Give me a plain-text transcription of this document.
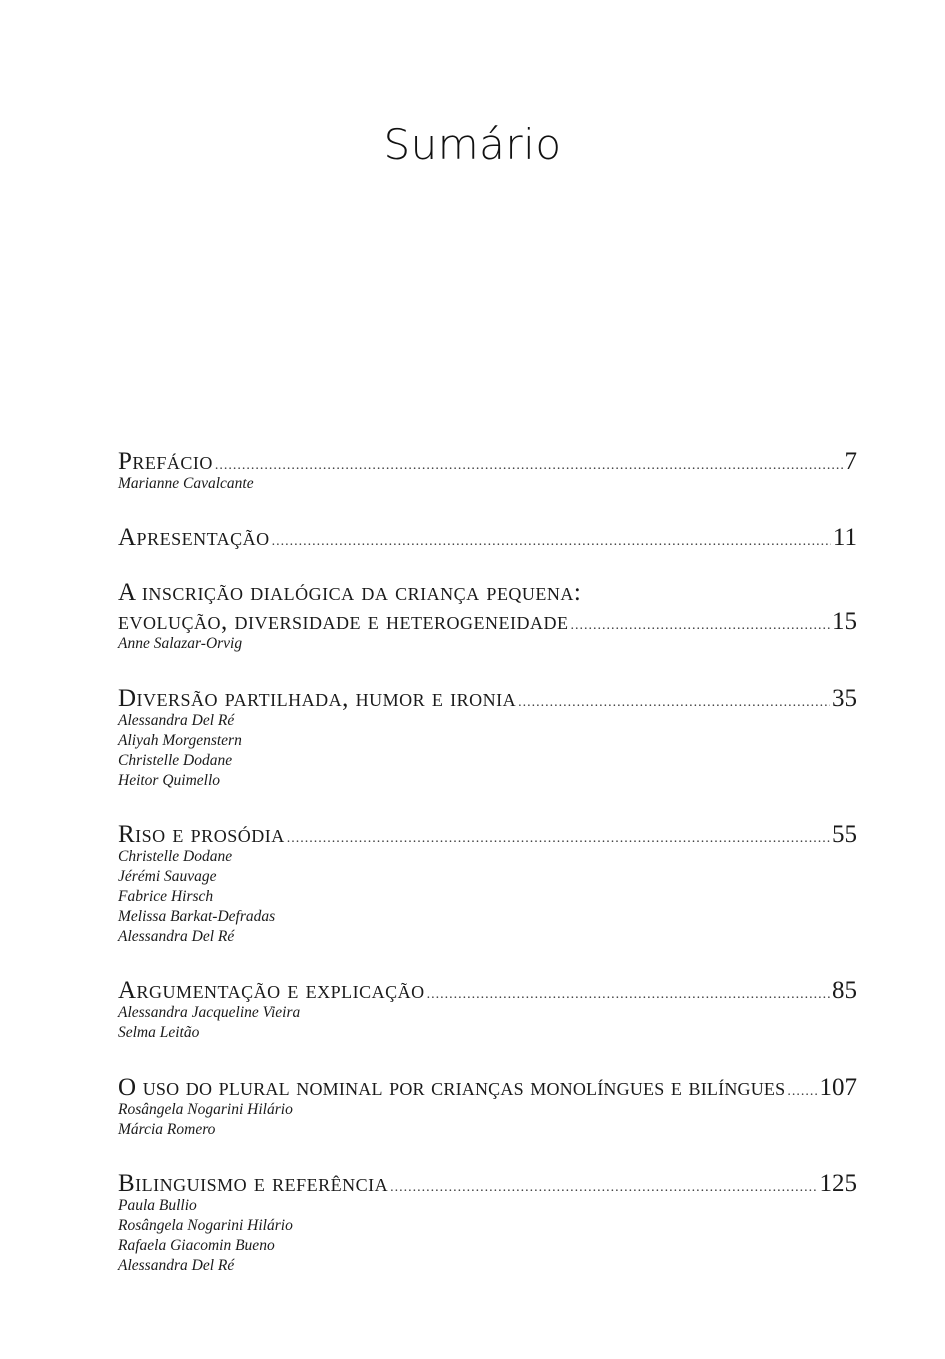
Sumário
Prefácio .....	7
Marianne Cavalcante
Apresentação .....	11
A inscrição dialógica da criança pequena:
evolução, diversidade e heterogeneidade .....	15
Anne Salazar-Orvig
Diversão partilhada, humor e ironia .....	35
Alessandra Del Ré
Aliyah Morgenstern
Christelle Dodane
Heitor Quimello
Riso e prosódia .....	55
Christelle Dodane
Jérémi Sauvage
Fabrice Hirsch
Melissa Barkat-Defradas
Alessandra Del Ré
Argumentação e explicação .....	85
Alessandra Jacqueline Vieira
Selma Leitão
O uso do plural nominal por crianças monolíngues e bilíngues ..... 107
Rosângela Nogarini Hilário
Márcia Romero
Bilinguismo e referência .....	125
Paula Bullio
Rosângela Nogarini Hilário
Rafaela Giacomin Bueno
Alessandra Del Ré
